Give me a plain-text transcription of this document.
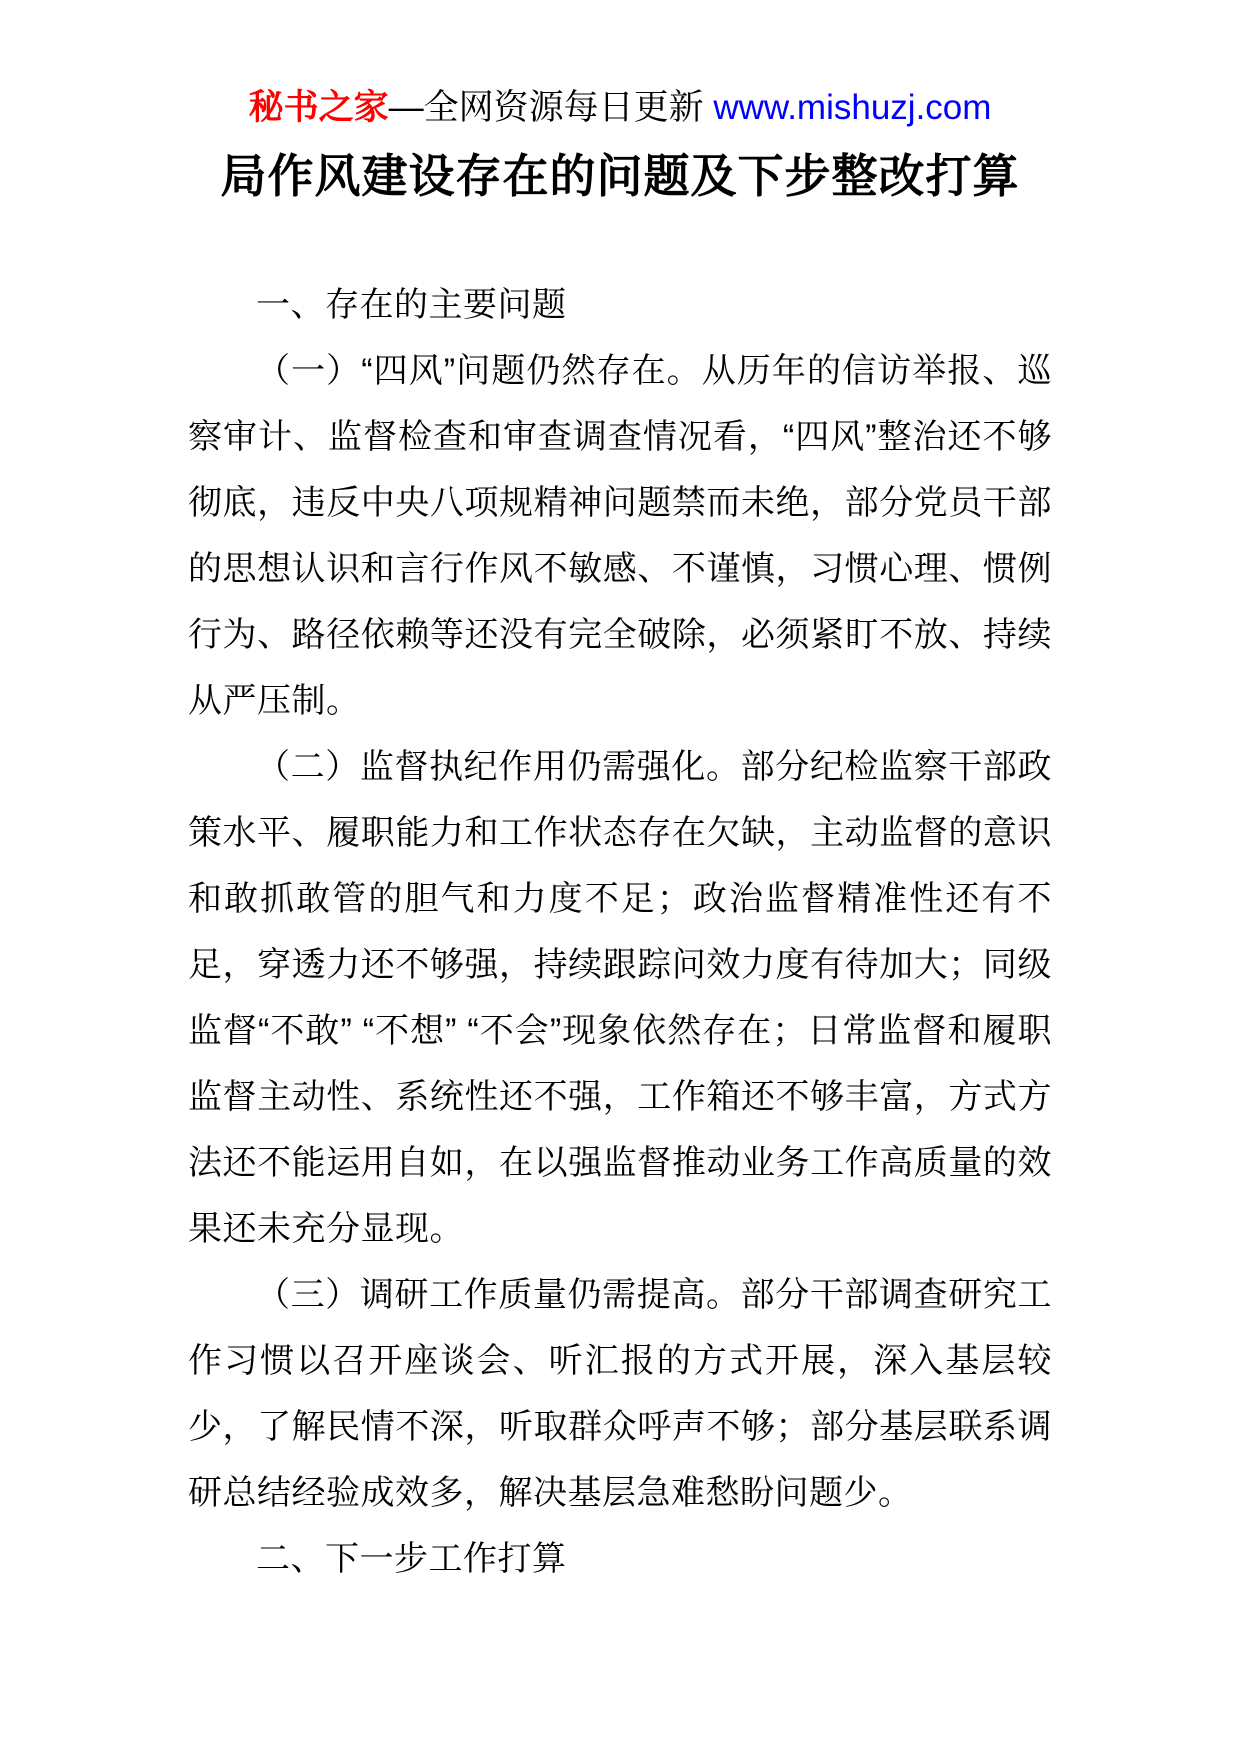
秘书之家—全网资源每日更新 www.mishuzj.com
局作风建设存在的问题及下步整改打算
一、存在的主要问题

（一）“四风”问题仍然存在。从历年的信访举报、巡察审计、监督检查和审查调查情况看，“四风”整治还不够彻底，违反中央八项规精神问题禁而未绝，部分党员干部的思想认识和言行作风不敏感、不谨慎，习惯心理、惯例行为、路径依赖等还没有完全破除，必须紧盯不放、持续从严压制。

（二）监督执纪作用仍需强化。部分纪检监察干部政策水平、履职能力和工作状态存在欠缺，主动监督的意识和敢抓敢管的胆气和力度不足；政治监督精准性还有不足，穿透力还不够强，持续跟踪问效力度有待加大；同级监督“不敢” “不想” “不会”现象依然存在；日常监督和履职监督主动性、系统性还不强，工作箱还不够丰富，方式方法还不能运用自如，在以强监督推动业务工作高质量的效果还未充分显现。

（三）调研工作质量仍需提高。部分干部调查研究工作习惯以召开座谈会、听汇报的方式开展，深入基层较少，了解民情不深，听取群众呼声不够；部分基层联系调研总结经验成效多，解决基层急难愁盼问题少。

二、下一步工作打算
